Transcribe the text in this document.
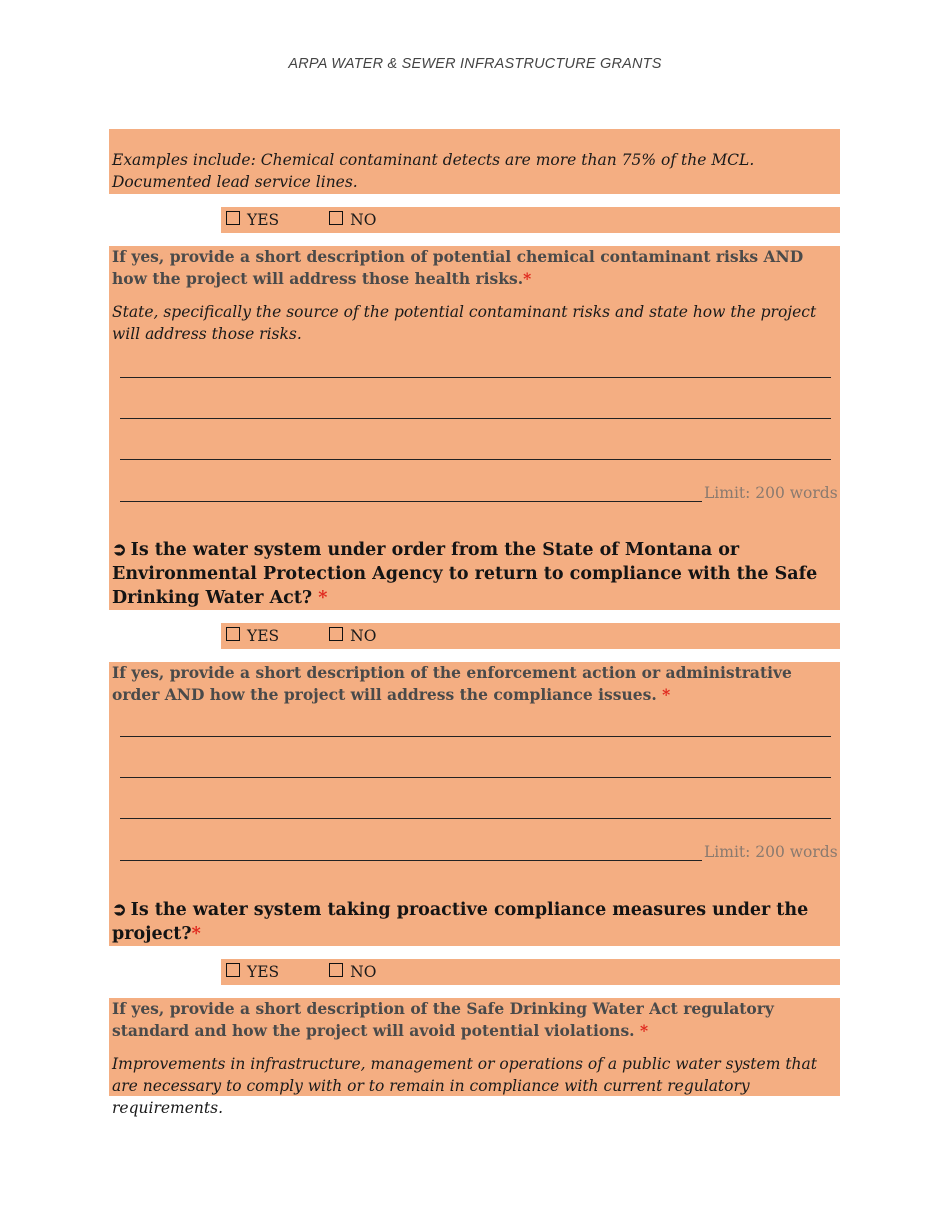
ARPA WATER & SEWER INFRASTRUCTURE GRANTS
Examples include: Chemical contaminant detects are more than 75% of the MCL. Documented lead service lines.
YES	NO
If yes, provide a short description of potential chemical contaminant risks AND how the project will address those health risks.*
State, specifically the source of the potential contaminant risks and state how the project will address those risks.
Limit: 200 words
➲ Is the water system under order from the State of Montana or Environmental Protection Agency to return to compliance with the Safe Drinking Water Act? *
YES	NO
If yes, provide a short description of the enforcement action or administrative order AND how the project will address the compliance issues. *
Limit: 200 words
➲ Is the water system taking proactive compliance measures under the project?*
YES	NO
If yes, provide a short description of the Safe Drinking Water Act regulatory standard and how the project will avoid potential violations. *
Improvements in infrastructure, management or operations of a public water system that are necessary to comply with or to remain in compliance with current regulatory requirements.
